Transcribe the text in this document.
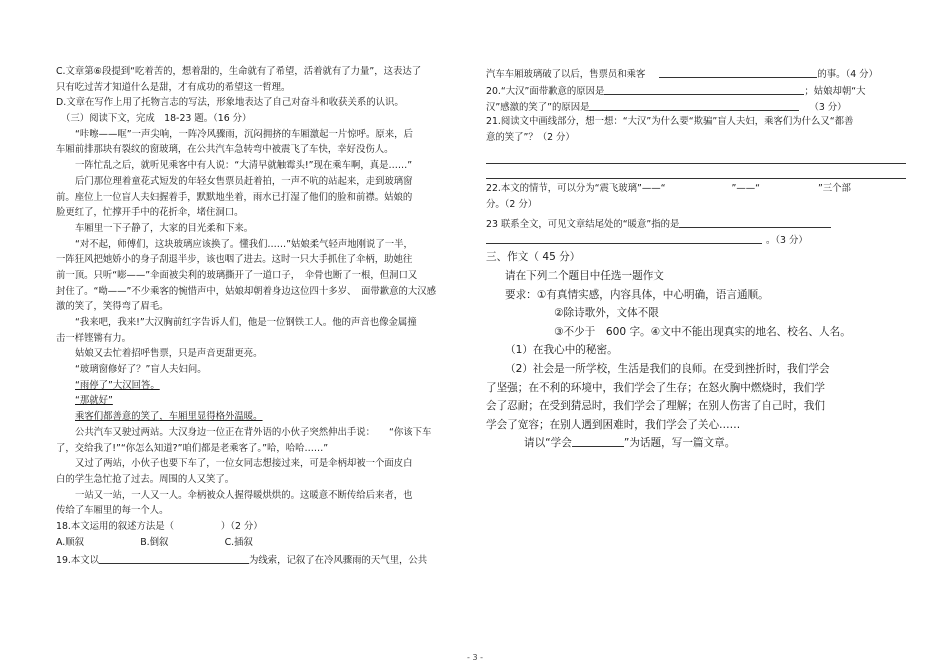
C.文章第⑥段提到“吃着苦的，想着甜的，生命就有了希望，活着就有了力量”，这表达了

只有吃过苦才知道什么是甜，才有成功的希望这一哲理。

D.文章在写作上用了托物言志的写法，形象地表达了自己对奋斗和收获关系的认识。

（三）阅读下文，完成　18-23 题。（16 分）

“咔嚓——哐”一声尖响，一阵冷风骤雨，沉闷拥挤的车厢激起一片惊呼。原来，后

车厢前排那块有裂纹的窗玻璃，在公共汽车急转弯中被震飞了车快，幸好没伤人。

一阵忙乱之后，就听见乘客中有人说：“大清早就触霉头!”现在乘车啊，真是……”

后门那位理着童花式短发的年轻女售票员赶着拍，一声不吭的站起来，走到玻璃窗

前。座位上一位盲人夫妇握着手，默默地坐着，雨水已打湿了他们的脸和前襟。姑娘的

脸更红了，忙撑开手中的花折伞，堵住洞口。

车厢里一下子静了，大家的目光柔和下来。

“对不起，师傅们，这块玻璃应该换了。懂我们……”姑娘柔气轻声地刚说了一半，

一阵狂风把她娇小的身子刮退半步，该也咽了进去。这时一只大手抓住了伞柄，助她往

前一顶。只听“嘭——”伞面被尖利的玻璃撕开了一道口子，　伞骨也断了一根，但洞口又

封住了。“呦——”不少乘客的惋惜声中，姑娘却朝着身边这位四十多岁、　面带歉意的大汉感

激的笑了，笑得弯了眉毛。

“我来吧，我来!”大汉胸前红字告诉人们，他是一位钢铁工人。他的声音也像金属撞

击一样铿锵有力。

姑娘又去忙着招呼售票，只是声音更甜更亮。

“玻璃窗修好了？”盲人夫妇问。

“雨停了”大汉回答。

“那就好”

乘客们都善意的笑了，车厢里显得格外温暖。

公共汽车又驶过两站。大汉身边一位正在背外语的小伙子突然伸出手说：　　“你该下车

了，交给我了!”“你怎么知道?”咱们都是老乘客了。”哈，哈哈……”

又过了两站，小伙子也要下车了，一位女同志想接过来，可是伞柄却被一个面皮白

白的学生急忙抢了过去。周围的人又笑了。

一站又一站，一人又一人。伞柄被众人握得暖烘烘的。这暖意不断传给后来者，也

传给了车厢里的每一个人。

18.本文运用的叙述方法是（　　　　　）（2 分）

A.顺叙　　　　　　B.倒叙　　　　　　C.插叙

19.本文以	为线索，记叙了在冷风骤雨的天气里，公共

汽车车厢玻璃破了以后，售票员和乘客	的事。（4 分）

20.“大汉”面带歉意的原因是	；姑娘却朝“大

汉”感激的笑了”的原因是	（3 分）

21.阅读文中画线部分，想一想：“大汉”为什么要“欺骗”盲人夫妇，乘客们为什么又“都善

意的笑了”？（2 分）

22.本文的情节，可以分为“震飞玻璃”——“	”——“	”三个部

分。（2 分）

23 联系全文，可见文章结尾处的“暖意”指的是

。（3 分）

三、作文（ 45 分）

请在下列二个题目中任选一题作文

要求：①有真情实感，内容具体，中心明确，语言通顺。

②除诗歌外，文体不限

③不少于　600 字。④文中不能出现真实的地名、校名、人名。

（1）在我心中的秘密。

（2）社会是一所学校，生活是我们的良师。在受到挫折时，我们学会

了坚强；在不利的环境中，我们学会了生存；在怒火胸中燃烧时，我们学

会了忍耐；在受到猜忌时，我们学会了理解；在别人伤害了自己时，我们

学会了宽容；在别人遇到困难时，我们学会了关心……

请以“学会	”为话题，写一篇文章。

- 3 -
